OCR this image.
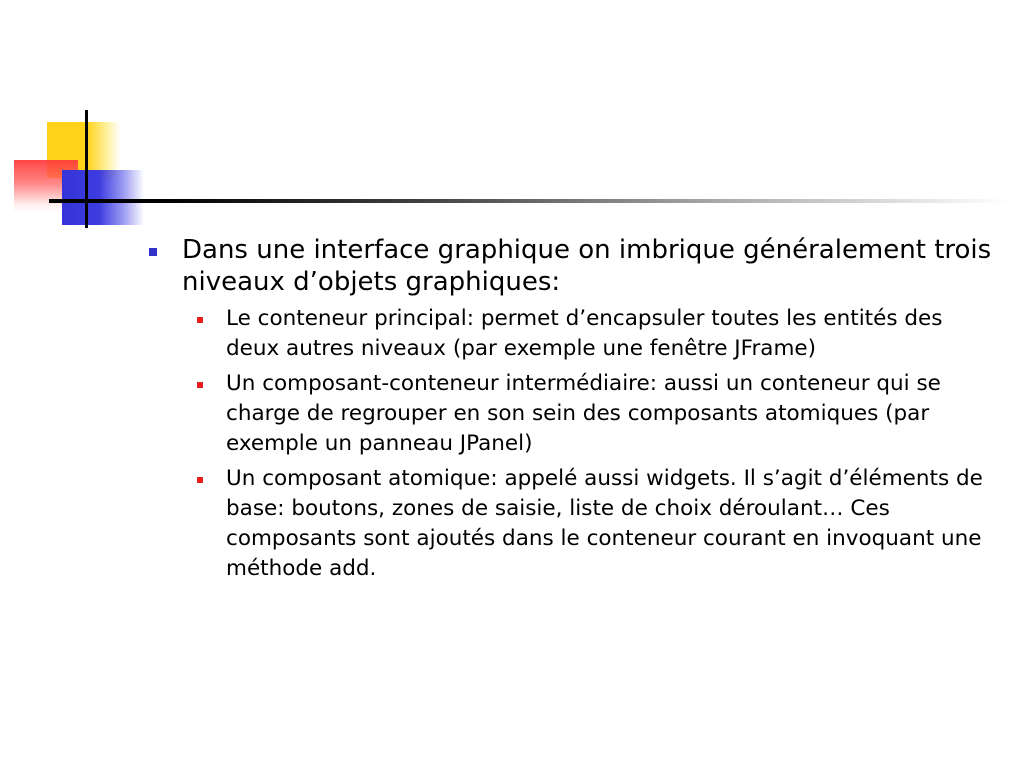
Dans une interface graphique on imbrique généralement trois niveaux d’objets graphiques:
Le conteneur principal: permet d’encapsuler toutes les entités des deux autres niveaux (par exemple une fenêtre JFrame)
Un composant-conteneur intermédiaire: aussi un conteneur qui se charge de regrouper en son sein des composants atomiques (par exemple un panneau JPanel)
Un composant atomique: appelé aussi widgets. Il s’agit d’éléments de base: boutons, zones de saisie, liste de choix déroulant… Ces composants sont ajoutés dans le conteneur courant en invoquant une méthode add.
